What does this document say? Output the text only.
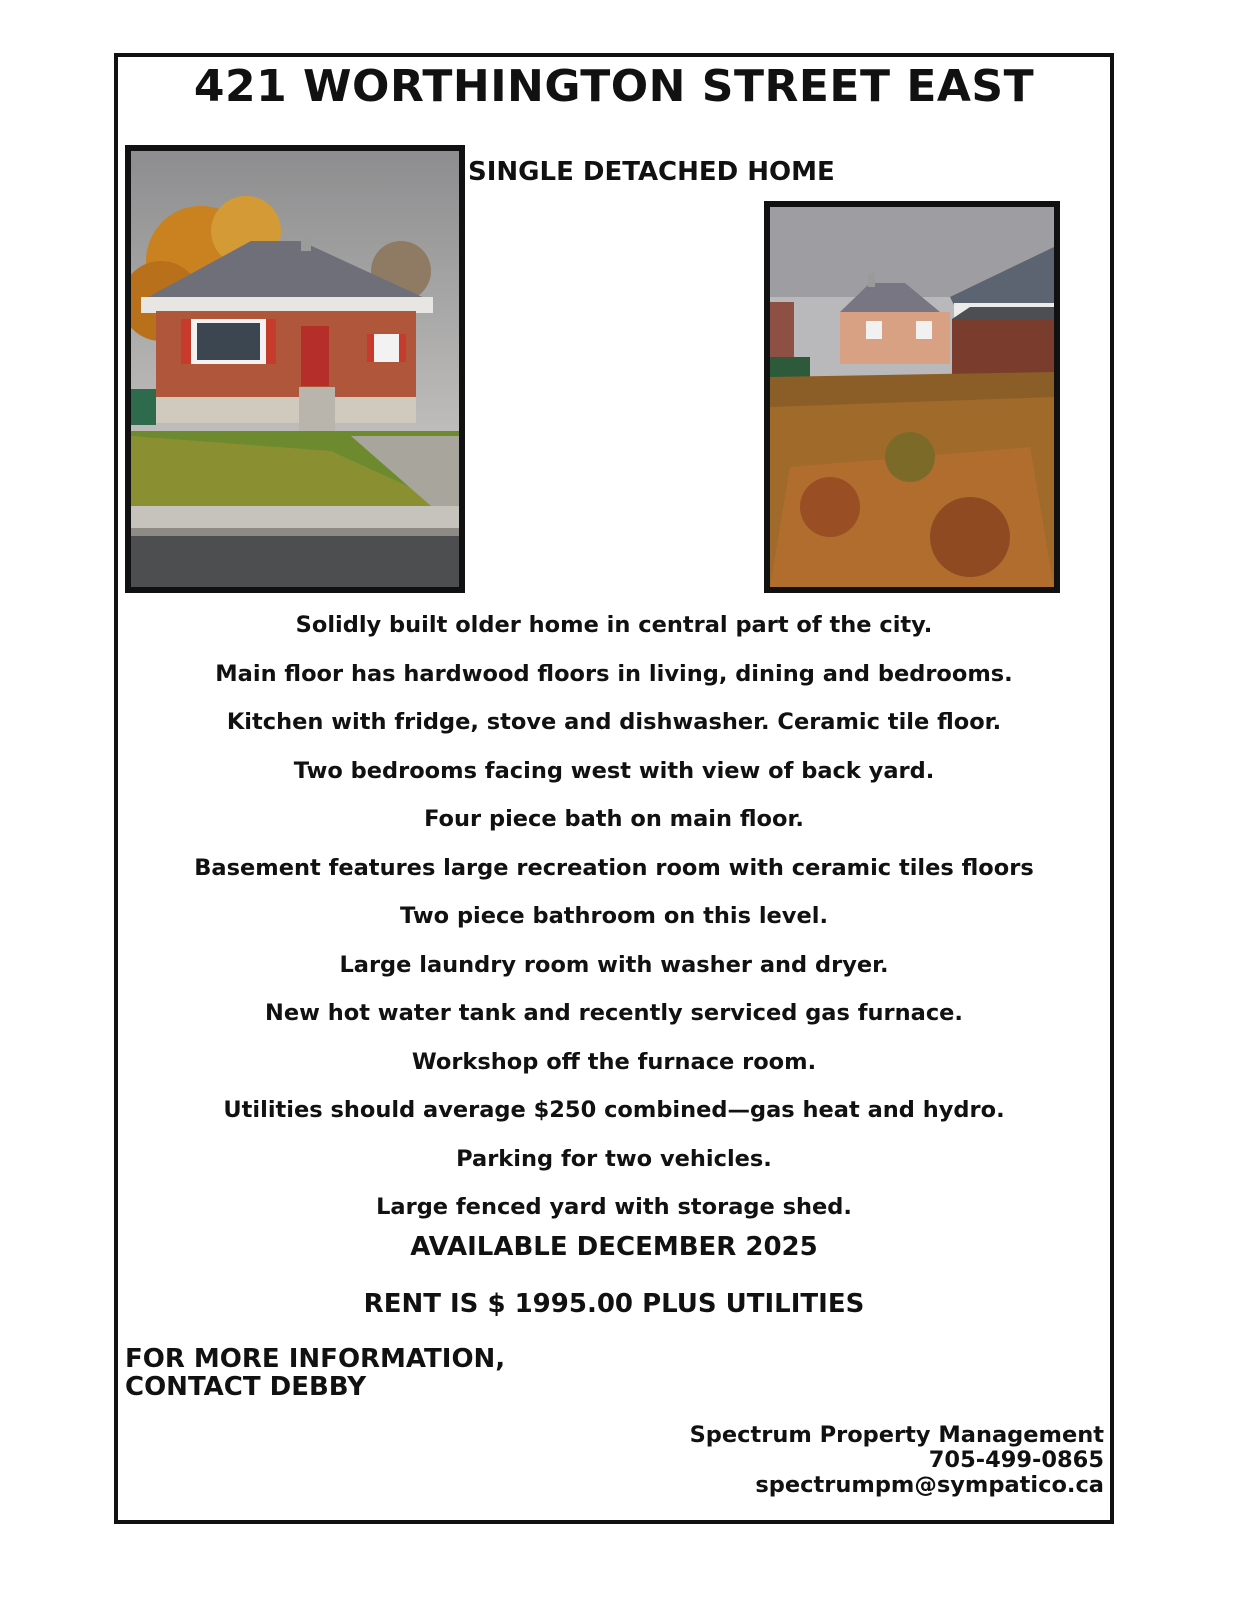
421 WORTHINGTON STREET EAST
SINGLE DETACHED HOME
Solidly built older home in central part of the city.
Main floor has hardwood floors in living, dining and bedrooms.
Kitchen with fridge, stove and dishwasher. Ceramic tile floor.
Two bedrooms facing west with view of back yard.
Four piece bath on main floor.
Basement features large recreation room with ceramic tiles floors
Two piece bathroom on this level.
Large laundry room with washer and dryer.
New hot water tank and recently serviced gas furnace.
Workshop off the furnace room.
Utilities should average $250 combined—gas heat and hydro.
Parking for two vehicles.
Large fenced yard with storage shed.
AVAILABLE DECEMBER 2025
RENT IS $ 1995.00 PLUS UTILITIES
FOR MORE INFORMATION,
CONTACT DEBBY
Spectrum Property Management
705-499-0865
spectrumpm@sympatico.ca
